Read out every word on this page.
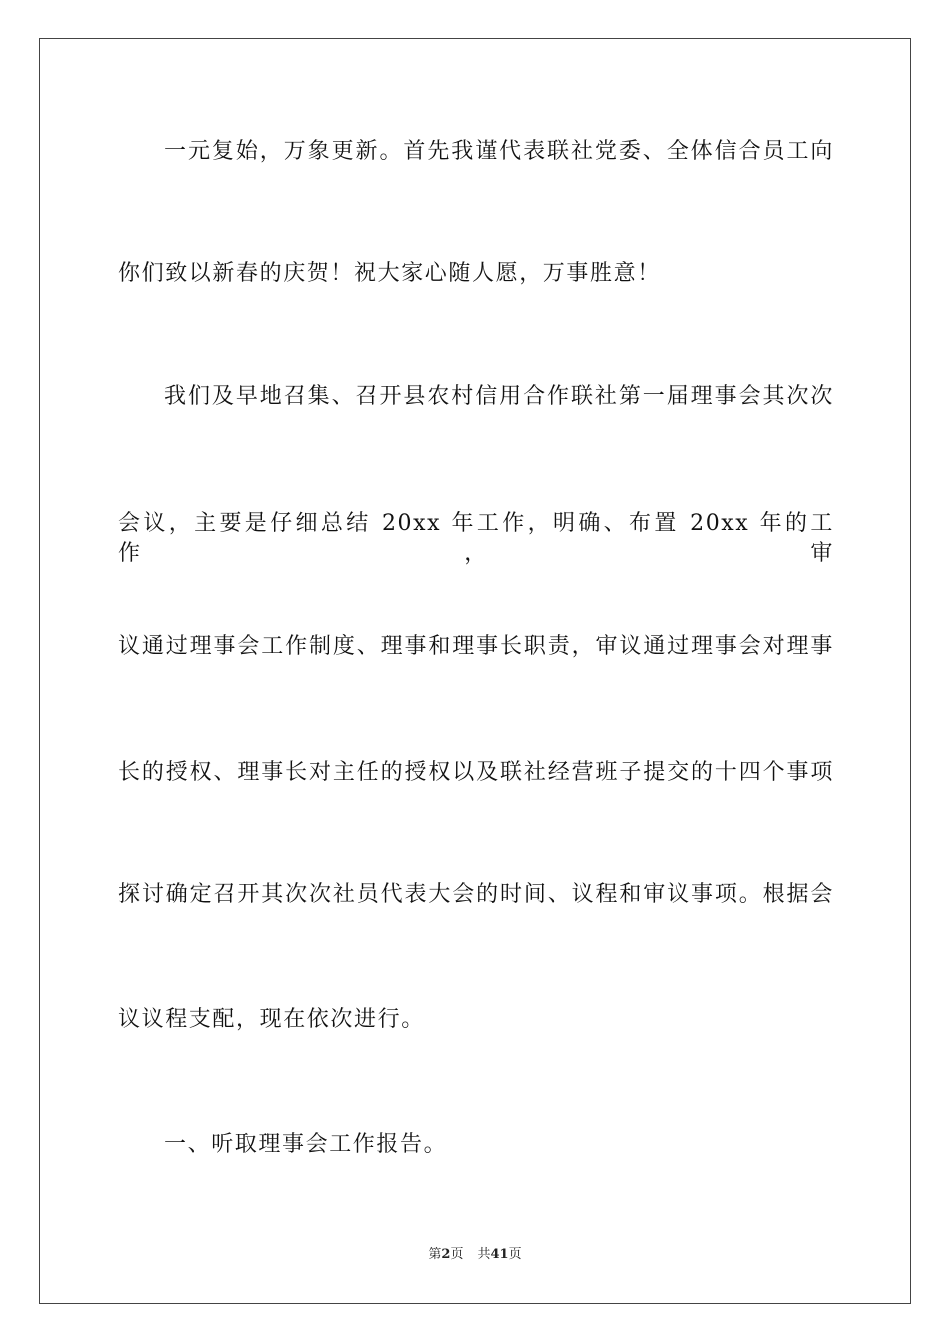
一元复始，万象更新。首先我谨代表联社党委、全体信合员工向
你们致以新春的庆贺！祝大家心随人愿，万事胜意！
我们及早地召集、召开县农村信用合作联社第一届理事会其次次
会议，主要是仔细总结 20xx 年工作，明确、布置 20xx 年的工作，审
议通过理事会工作制度、理事和理事长职责，审议通过理事会对理事
长的授权、理事长对主任的授权以及联社经营班子提交的十四个事项
探讨确定召开其次次社员代表大会的时间、议程和审议事项。根据会
议议程支配，现在依次进行。
一、听取理事会工作报告。
第2页 共41页
